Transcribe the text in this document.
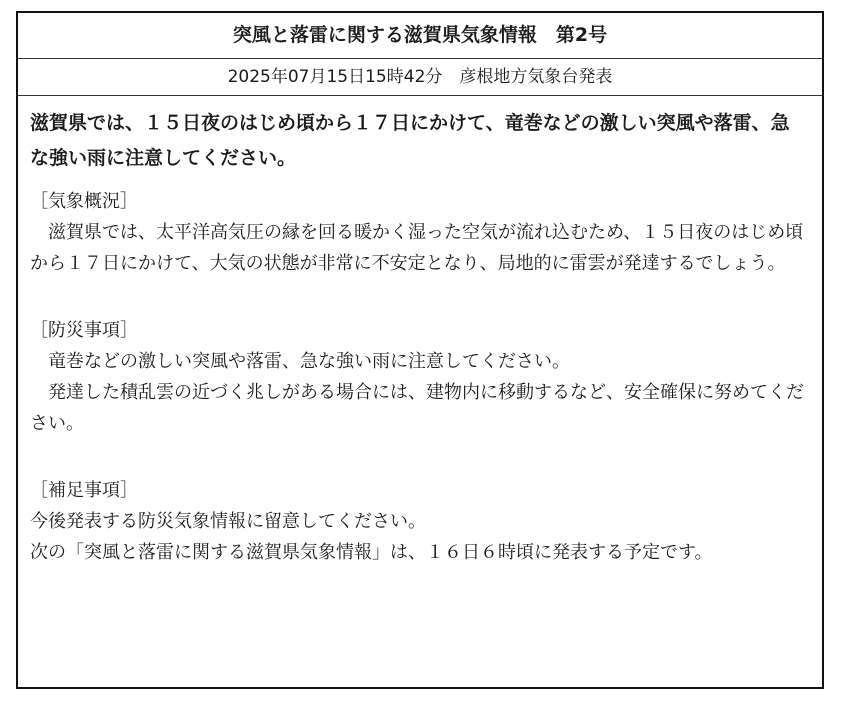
突風と落雷に関する滋賀県気象情報　第2号
2025年07月15日15時42分　彦根地方気象台発表

滋賀県では、１５日夜のはじめ頃から１７日にかけて、竜巻などの激しい突風や落雷、急な強い雨に注意してください。

［気象概況］

滋賀県では、太平洋高気圧の縁を回る暖かく湿った空気が流れ込むため、１５日夜のはじめ頃から１７日にかけて、大気の状態が非常に不安定となり、局地的に雷雲が発達するでしょう。

［防災事項］

竜巻などの激しい突風や落雷、急な強い雨に注意してください。

発達した積乱雲の近づく兆しがある場合には、建物内に移動するなど、安全確保に努めてください。

［補足事項］

今後発表する防災気象情報に留意してください。

次の「突風と落雷に関する滋賀県気象情報」は、１６日６時頃に発表する予定です。
